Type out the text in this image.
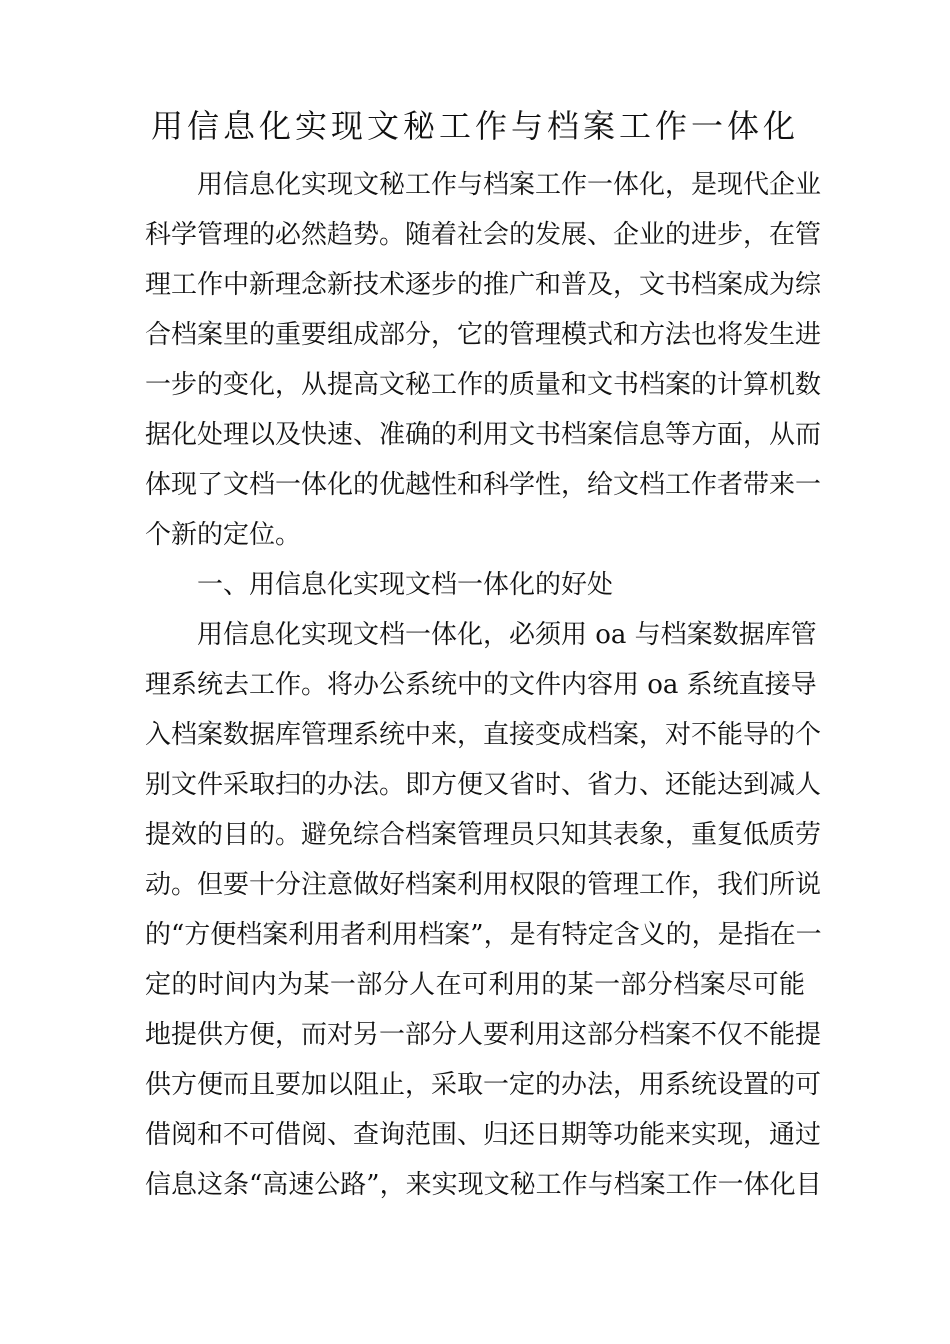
用信息化实现文秘工作与档案工作一体化
用信息化实现文秘工作与档案工作一体化，是现代企业
科学管理的必然趋势。随着社会的发展、企业的进步，在管
理工作中新理念新技术逐步的推广和普及，文书档案成为综
合档案里的重要组成部分，它的管理模式和方法也将发生进
一步的变化，从提高文秘工作的质量和文书档案的计算机数
据化处理以及快速、准确的利用文书档案信息等方面，从而
体现了文档一体化的优越性和科学性，给文档工作者带来一
个新的定位。
一、用信息化实现文档一体化的好处
用信息化实现文档一体化，必须用 oa 与档案数据库管
理系统去工作。将办公系统中的文件内容用 oa 系统直接导
入档案数据库管理系统中来，直接变成档案，对不能导的个
别文件采取扫的办法。即方便又省时、省力、还能达到减人
提效的目的。避免综合档案管理员只知其表象，重复低质劳
动。但要十分注意做好档案利用权限的管理工作，我们所说
的“方便档案利用者利用档案”，是有特定含义的，是指在一
定的时间内为某一部分人在可利用的某一部分档案尽可能
地提供方便，而对另一部分人要利用这部分档案不仅不能提
供方便而且要加以阻止，采取一定的办法，用系统设置的可
借阅和不可借阅、查询范围、归还日期等功能来实现，通过
信息这条“高速公路”，来实现文秘工作与档案工作一体化目
